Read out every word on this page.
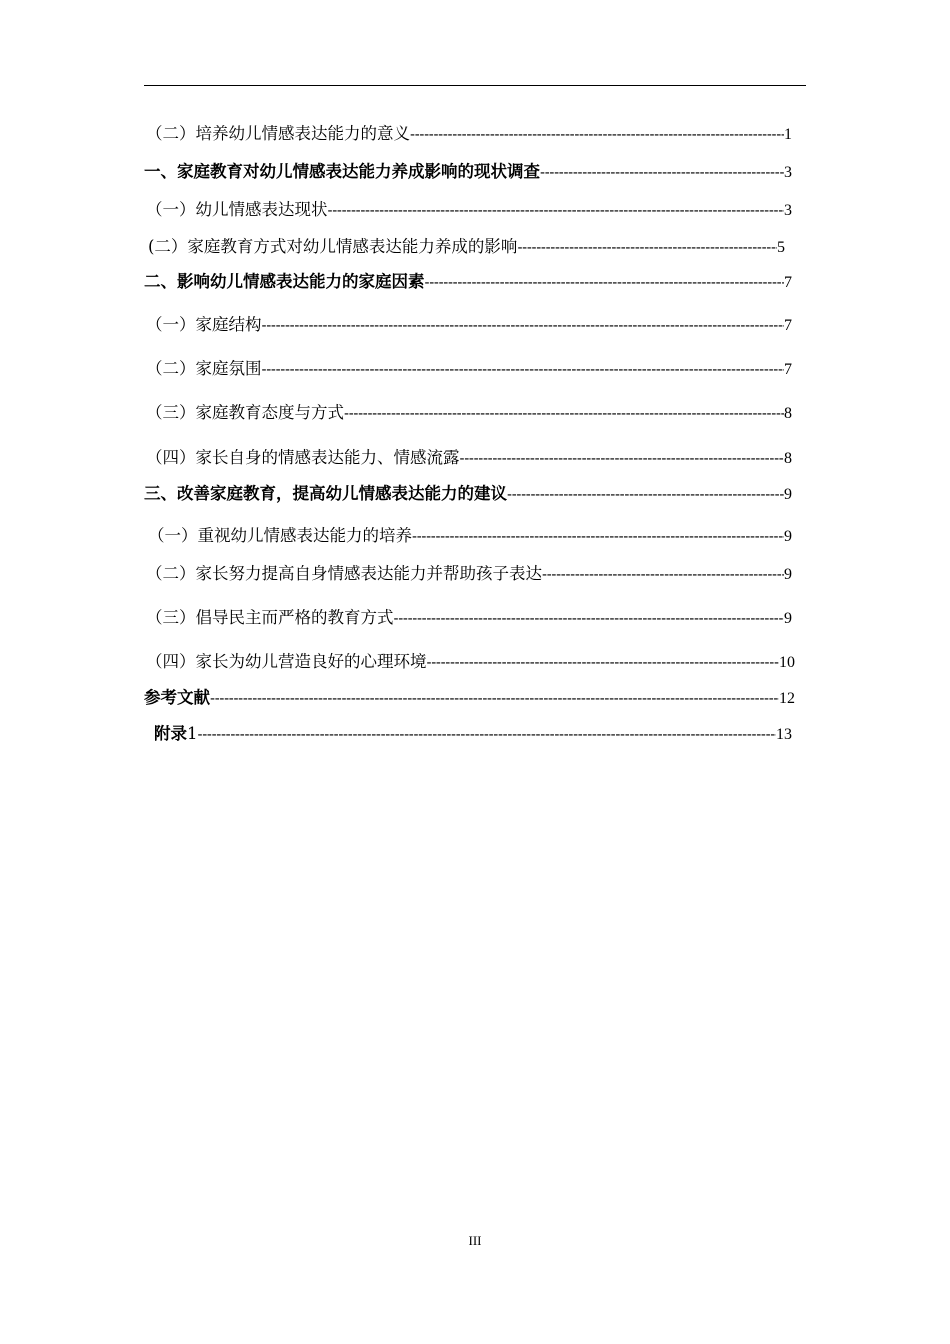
（二）培养幼儿情感表达能力的意义 -----	1
一、家庭教育对幼儿情感表达能力养成影响的现状调查 -----	3
（一）幼儿情感表达现状 -----	3
(二）家庭教育方式对幼儿情感表达能力养成的影响 -----	5
二、影响幼儿情感表达能力的家庭因素 -----	7
（一）家庭结构 -----	7
（二）家庭氛围 -----	7
（三）家庭教育态度与方式 -----	8
（四）家长自身的情感表达能力、情感流露 -----	8
三、改善家庭教育，提高幼儿情感表达能力的建议 -----	9
（一）重视幼儿情感表达能力的培养 -----	9
（二）家长努力提高自身情感表达能力并帮助孩子表达 -----	9
（三）倡导民主而严格的教育方式 -----	9
（四）家长为幼儿营造良好的心理环境 -----	10
参考文献 -----	12
附录 1 -----	13
III
